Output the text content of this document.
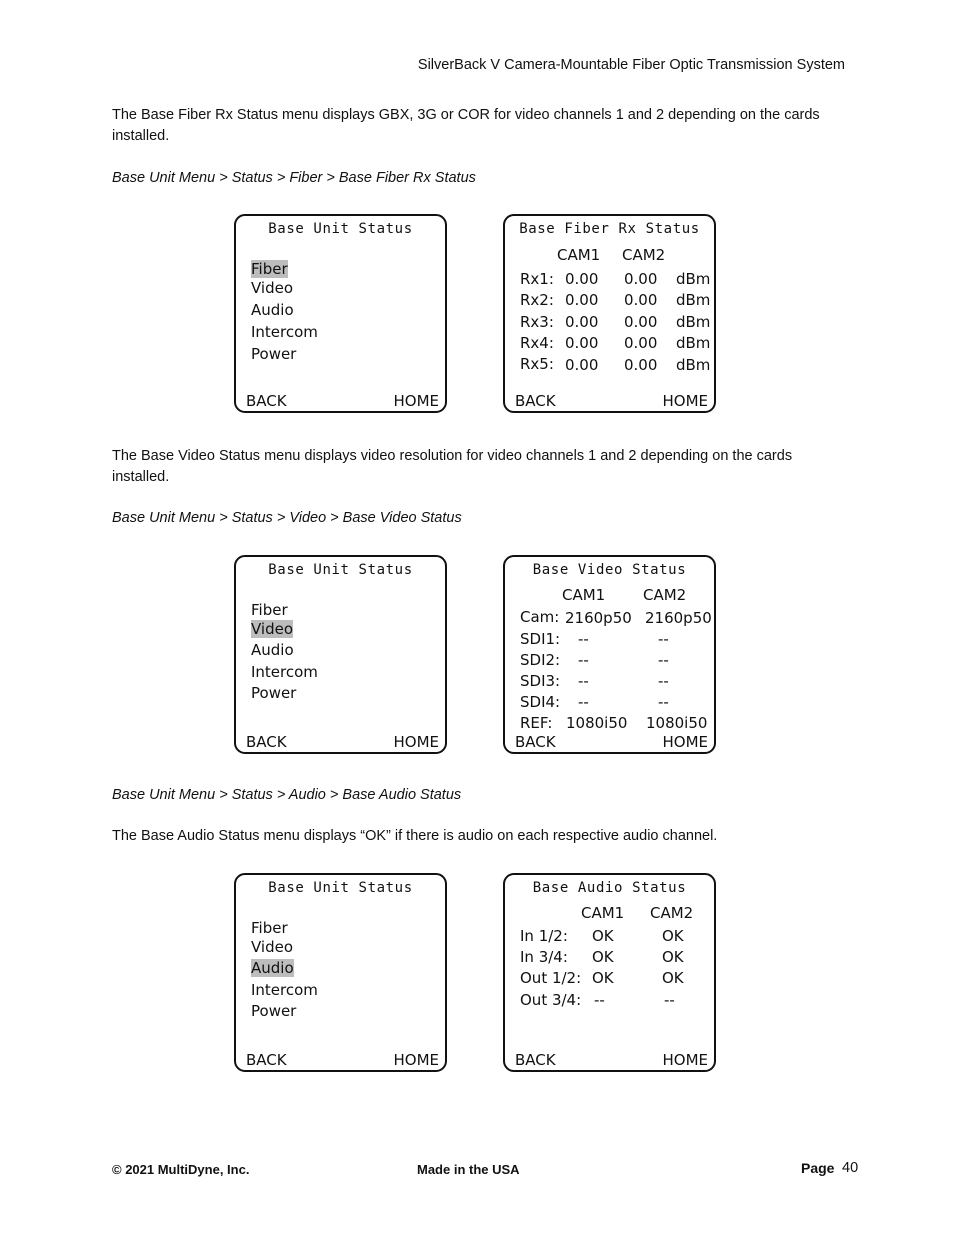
SilverBack V Camera-Mountable Fiber Optic Transmission System

The Base Fiber Rx Status menu displays GBX, 3G or COR for video channels 1 and 2 depending on the cards installed.

Base Unit Menu > Status > Fiber > Base Fiber Rx Status

Base Unit Status
Fiber
Video
Audio
Intercom
Power
BACK	HOME
Base Fiber Rx Status
CAM1 CAM2
Rx1: 0.00 0.00 dBm
Rx2: 0.00 0.00 dBm
Rx3: 0.00 0.00 dBm
Rx4: 0.00 0.00 dBm
Rx5: 0.00 0.00 dBm
BACK	HOME

The Base Video Status menu displays video resolution for video channels 1 and 2 depending on the cards installed.

Base Unit Menu > Status > Video > Base Video Status

Base Unit Status
Fiber
Video
Audio
Intercom
Power
BACK	HOME
Base Video Status
CAM1	CAM2
Cam: 2160p50 2160p50
SDI1: --	--
SDI2: --	--
SDI3: --	--
SDI4: --	--
REF: 1080i50 1080i50
BACK	HOME

Base Unit Menu > Status > Audio > Base Audio Status

The Base Audio Status menu displays “OK” if there is audio on each respective audio channel.

Base Unit Status
Fiber
Video
Audio
Intercom
Power
BACK	HOME
Base Audio Status
CAM1 CAM2
In 1/2: OK	OK
In 3/4: OK	OK
Out 1/2: OK	OK
Out 3/4: --	--
BACK	HOME
© 2021 MultiDyne, Inc.	Made in the USA	Page 40
